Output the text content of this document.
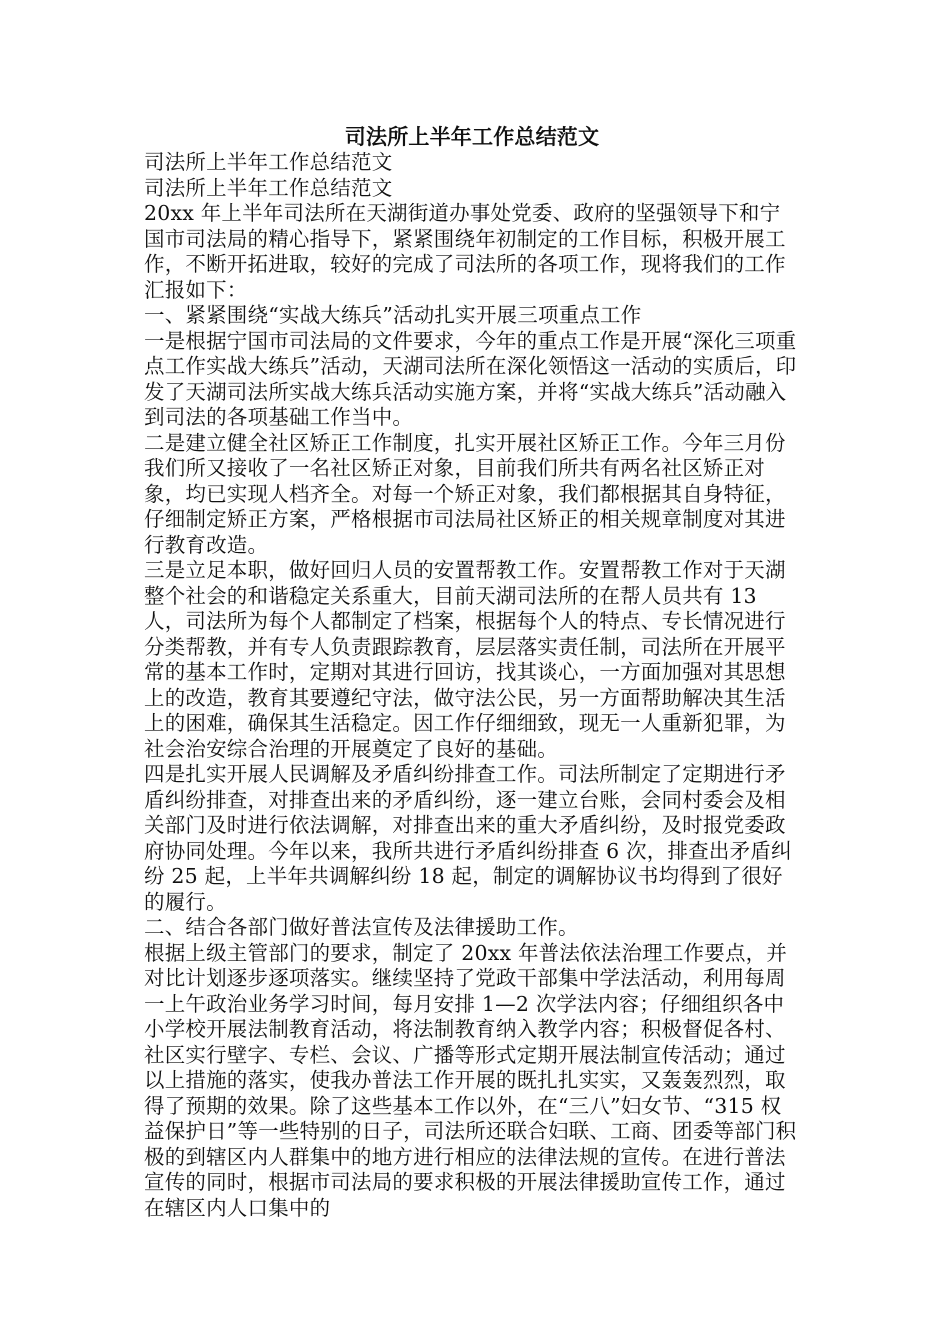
司法所上半年工作总结范文

司法所上半年工作总结范文

司法所上半年工作总结范文

20xx 年上半年司法所在天湖街道办事处党委、政府的坚强领导下和宁国市司法局的精心指导下，紧紧围绕年初制定的工作目标，积极开展工作，不断开拓进取，较好的完成了司法所的各项工作，现将我们的工作汇报如下：

一、紧紧围绕“实战大练兵”活动扎实开展三项重点工作

一是根据宁国市司法局的文件要求，今年的重点工作是开展“深化三项重点工作实战大练兵”活动，天湖司法所在深化领悟这一活动的实质后，印发了天湖司法所实战大练兵活动实施方案，并将“实战大练兵”活动融入到司法的各项基础工作当中。

二是建立健全社区矫正工作制度，扎实开展社区矫正工作。今年三月份我们所又接收了一名社区矫正对象，目前我们所共有两名社区矫正对象，均已实现人档齐全。对每一个矫正对象，我们都根据其自身特征，仔细制定矫正方案，严格根据市司法局社区矫正的相关规章制度对其进行教育改造。

三是立足本职，做好回归人员的安置帮教工作。安置帮教工作对于天湖整个社会的和谐稳定关系重大，目前天湖司法所的在帮人员共有 13 人，司法所为每个人都制定了档案，根据每个人的特点、专长情况进行分类帮教，并有专人负责跟踪教育，层层落实责任制，司法所在开展平常的基本工作时，定期对其进行回访，找其谈心，一方面加强对其思想上的改造，教育其要遵纪守法，做守法公民，另一方面帮助解决其生活上的困难，确保其生活稳定。因工作仔细细致，现无一人重新犯罪，为社会治安综合治理的开展奠定了良好的基础。

四是扎实开展人民调解及矛盾纠纷排查工作。司法所制定了定期进行矛盾纠纷排查，对排查出来的矛盾纠纷，逐一建立台账，会同村委会及相关部门及时进行依法调解，对排查出来的重大矛盾纠纷，及时报党委政府协同处理。今年以来，我所共进行矛盾纠纷排查 6 次，排查出矛盾纠纷 25 起，上半年共调解纠纷 18 起，制定的调解协议书均得到了很好的履行。

二、结合各部门做好普法宣传及法律援助工作。

根据上级主管部门的要求，制定了 20xx 年普法依法治理工作要点，并对比计划逐步逐项落实。继续坚持了党政干部集中学法活动，利用每周一上午政治业务学习时间，每月安排 1—2 次学法内容；仔细组织各中小学校开展法制教育活动，将法制教育纳入教学内容；积极督促各村、社区实行壁字、专栏、会议、广播等形式定期开展法制宣传活动；通过以上措施的落实，使我办普法工作开展的既扎扎实实，又轰轰烈烈，取得了预期的效果。除了这些基本工作以外，在“三八”妇女节、“315 权益保护日”等一些特别的日子，司法所还联合妇联、工商、团委等部门积极的到辖区内人群集中的地方进行相应的法律法规的宣传。在进行普法宣传的同时，根据市司法局的要求积极的开展法律援助宣传工作，通过在辖区内人口集中的
